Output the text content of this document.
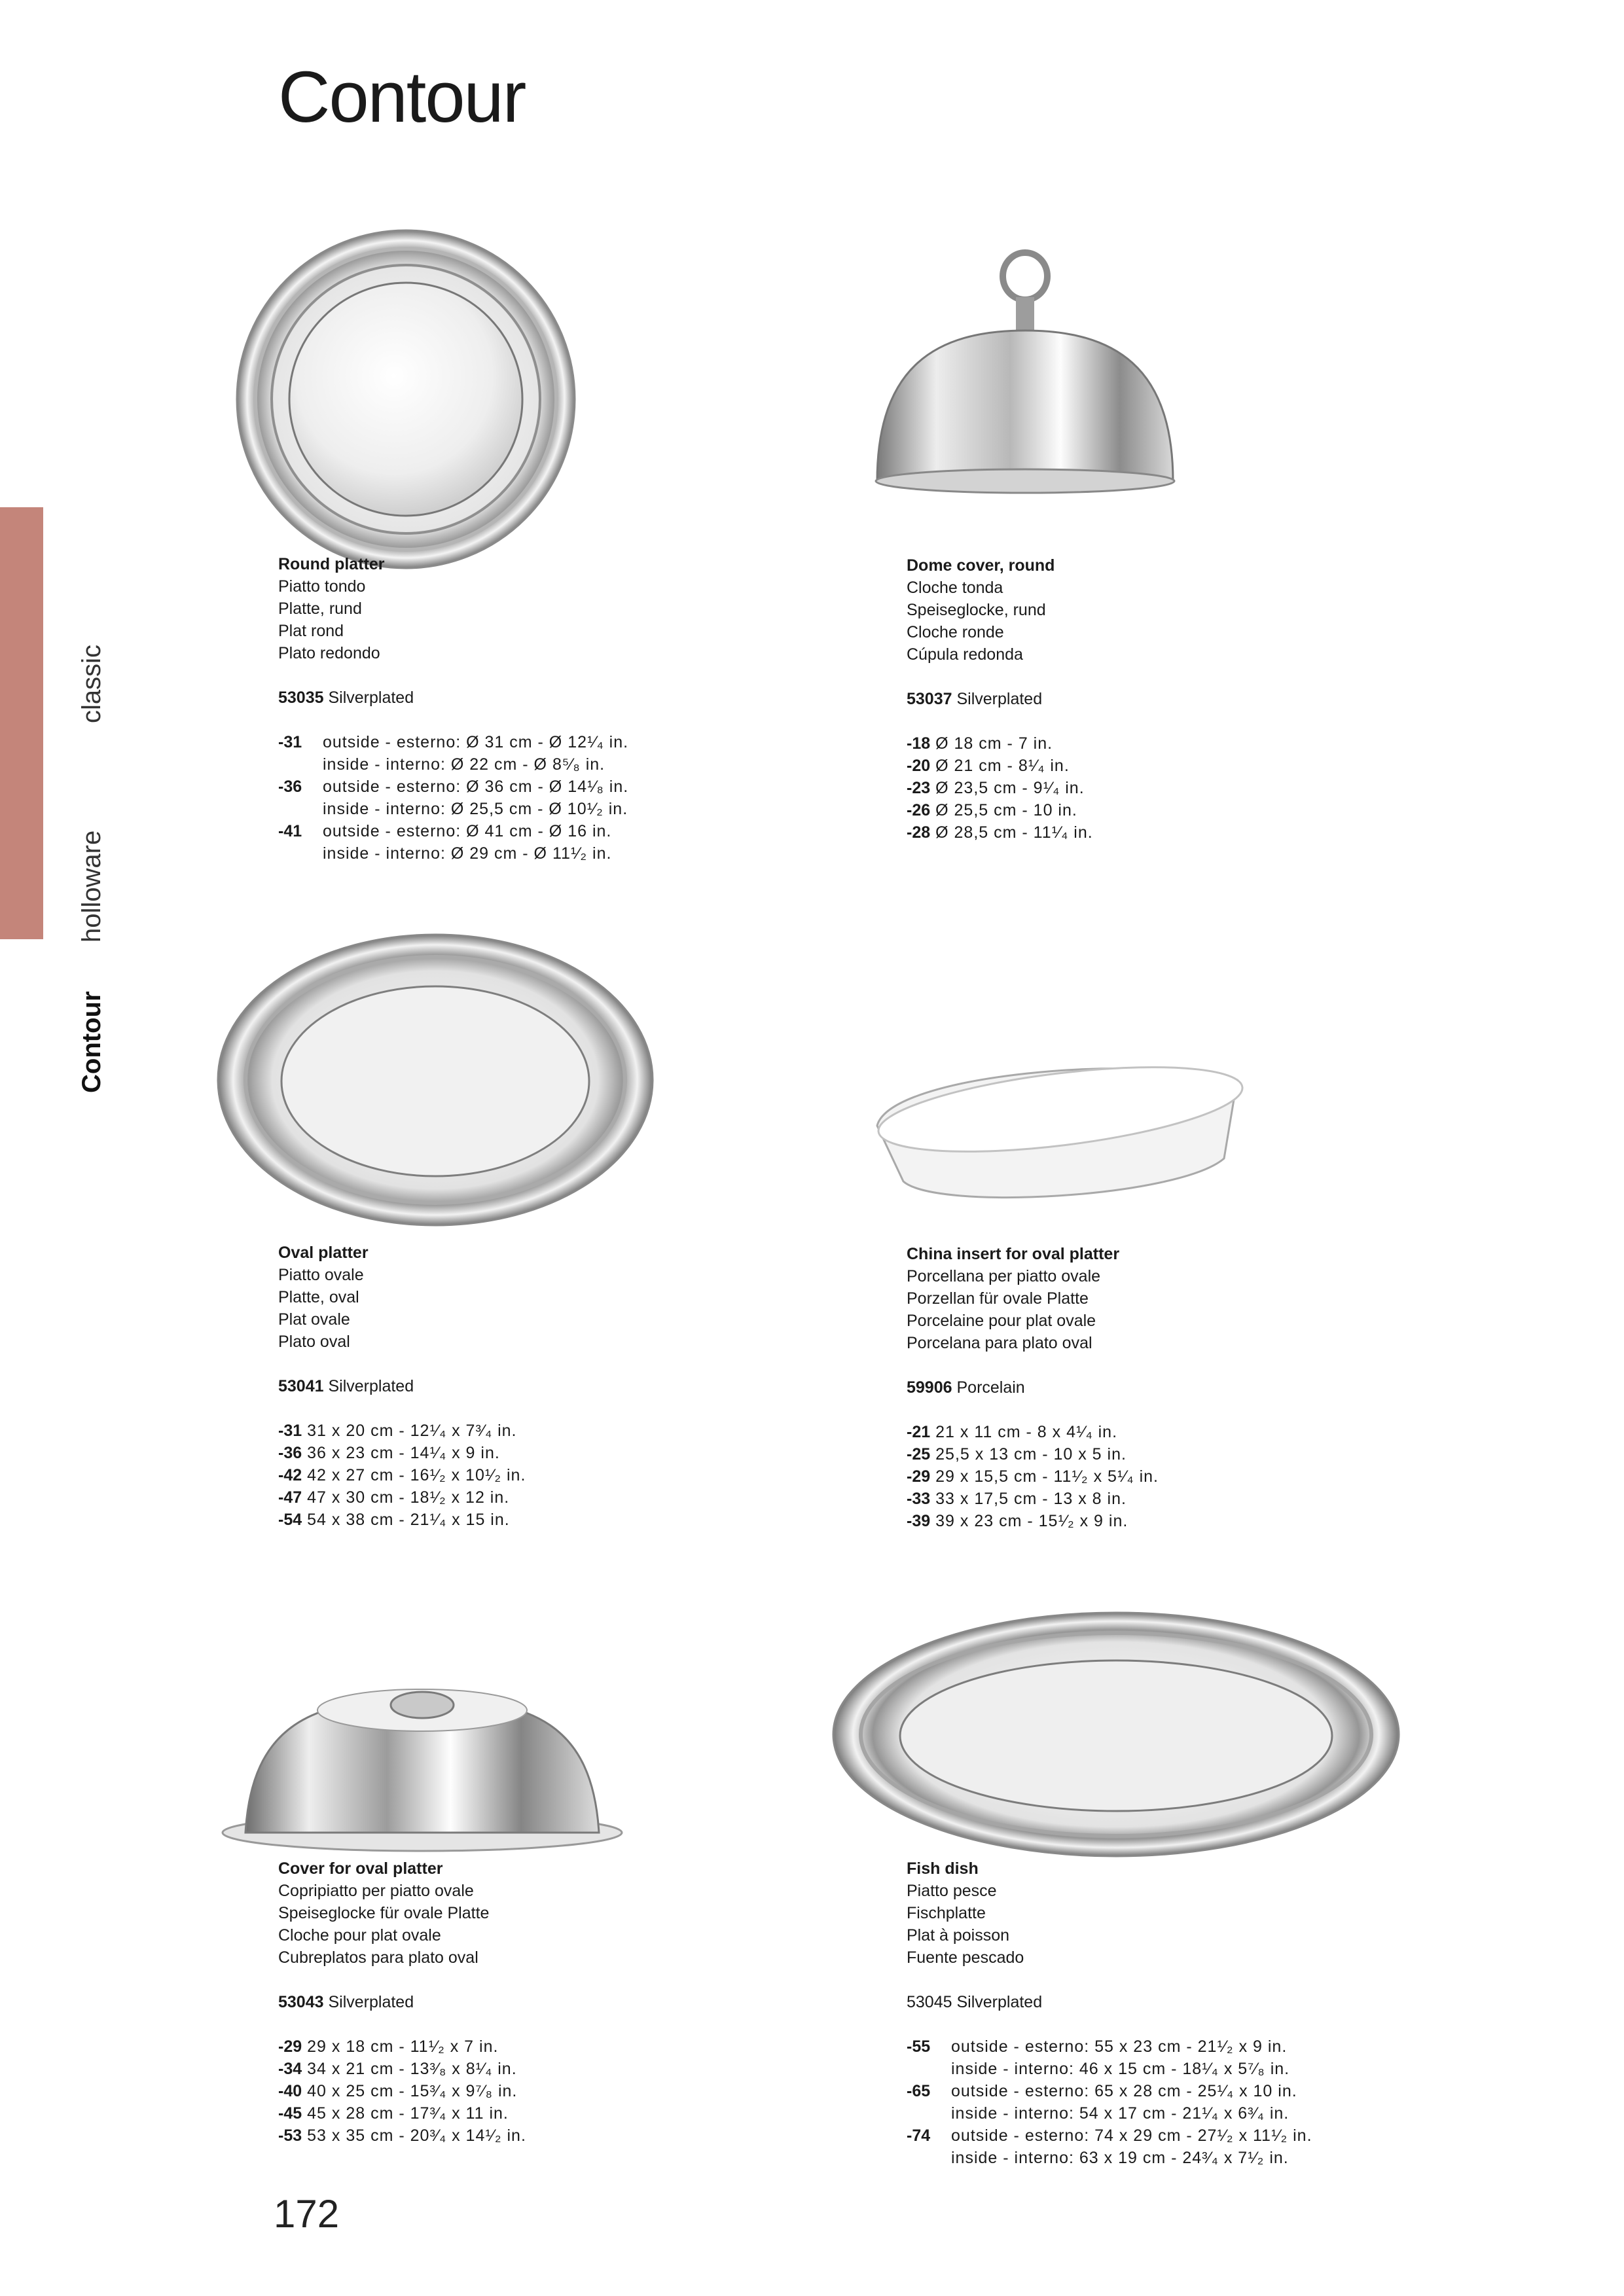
Contour
classic
holloware
Contour
Round platter
Piatto tondo
Platte, rund
Plat rond
Plato redondo
53035 Silverplated
-31	outside - esterno: Ø 31 cm - Ø 12¹⁄₄ in.
inside - interno: Ø 22 cm - Ø 8⁵⁄₈ in.
-36	outside - esterno: Ø 36 cm - Ø 14¹⁄₈ in.
inside - interno: Ø 25,5 cm - Ø 10¹⁄₂ in.
-41	outside - esterno: Ø 41 cm - Ø 16 in.
inside - interno: Ø 29 cm - Ø 11¹⁄₂ in.
Dome cover, round
Cloche tonda
Speiseglocke, rund
Cloche ronde
Cúpula redonda
53037 Silverplated
-18 Ø 18 cm - 7 in.
-20 Ø 21 cm - 8¹⁄₄ in.
-23 Ø 23,5 cm - 9¹⁄₄ in.
-26 Ø 25,5 cm - 10 in.
-28 Ø 28,5 cm - 11¹⁄₄ in.
Oval platter
Piatto ovale
Platte, oval
Plat ovale
Plato oval
53041 Silverplated
-31 31 x 20 cm - 12¹⁄₄ x 7³⁄₄ in.
-36 36 x 23 cm - 14¹⁄₄ x 9 in.
-42 42 x 27 cm - 16¹⁄₂ x 10¹⁄₂ in.
-47 47 x 30 cm - 18¹⁄₂ x 12 in.
-54 54 x 38 cm - 21¹⁄₄ x 15 in.
China insert for oval platter
Porcellana per piatto ovale
Porzellan für ovale Platte
Porcelaine pour plat ovale
Porcelana para plato oval
59906 Porcelain
-21 21 x 11 cm - 8 x 4¹⁄₄ in.
-25 25,5 x 13 cm - 10 x 5 in.
-29 29 x 15,5 cm - 11¹⁄₂ x 5¹⁄₄ in.
-33 33 x 17,5 cm - 13 x 8 in.
-39 39 x 23 cm - 15¹⁄₂ x 9 in.
Cover for oval platter
Copripiatto per piatto ovale
Speiseglocke für ovale Platte
Cloche pour plat ovale
Cubreplatos para plato oval
53043 Silverplated
-29 29 x 18 cm - 11¹⁄₂ x 7 in.
-34 34 x 21 cm - 13³⁄₈ x 8¹⁄₄ in.
-40 40 x 25 cm - 15³⁄₄ x 9⁷⁄₈ in.
-45 45 x 28 cm - 17³⁄₄ x 11 in.
-53 53 x 35 cm - 20³⁄₄ x 14¹⁄₂ in.
Fish dish
Piatto pesce
Fischplatte
Plat à poisson
Fuente pescado
53045 Silverplated
-55	outside - esterno: 55 x 23 cm - 21¹⁄₂ x 9 in.
inside - interno: 46 x 15 cm - 18¹⁄₄ x 5⁷⁄₈ in.
-65	outside - esterno: 65 x 28 cm - 25¹⁄₄ x 10 in.
inside - interno: 54 x 17 cm - 21¹⁄₄ x 6³⁄₄ in.
-74	outside - esterno: 74 x 29 cm - 27¹⁄₂ x 11¹⁄₂ in.
inside - interno: 63 x 19 cm - 24³⁄₄ x 7¹⁄₂ in.
172
